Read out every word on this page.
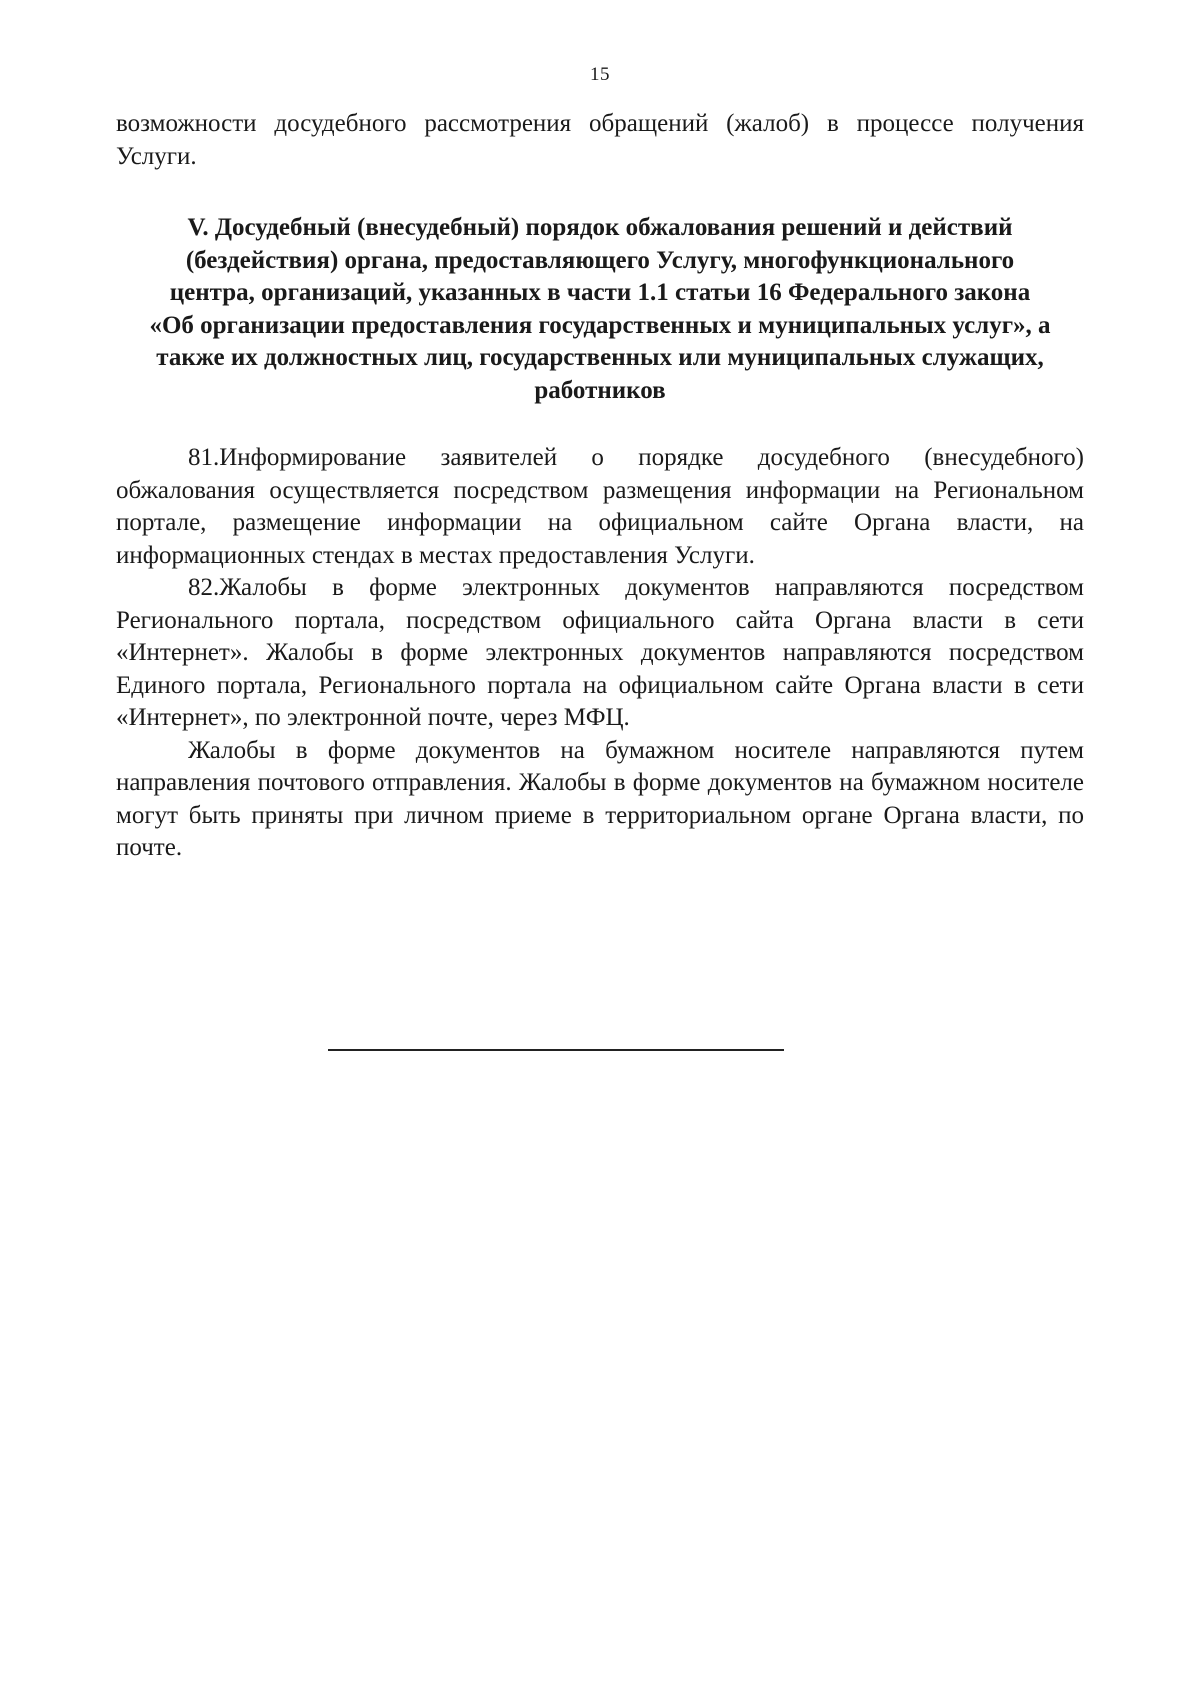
15

возможности досудебного рассмотрения обращений (жалоб) в процессе получения Услуги.

V. Досудебный (внесудебный) порядок обжалования решений и действий
(бездействия) органа, предоставляющего Услугу, многофункционального
центра, организаций, указанных в части 1.1 статьи 16 Федерального закона
«Об организации предоставления государственных и муниципальных услуг», а
также их должностных лиц, государственных или муниципальных служащих,
работников

81.Информирование заявителей о порядке досудебного (внесудебного) обжалования осуществляется посредством размещения информации на Региональном портале, размещение информации на официальном сайте Органа власти, на информационных стендах в местах предоставления Услуги.

82.Жалобы в форме электронных документов направляются посредством Регионального портала, посредством официального сайта Органа власти в сети «Интернет». Жалобы в форме электронных документов направляются посредством Единого портала, Регионального портала на официальном сайте Органа власти в сети «Интернет», по электронной почте, через МФЦ.

Жалобы в форме документов на бумажном носителе направляются путем направления почтового отправления. Жалобы в форме документов на бумажном носителе могут быть приняты при личном приеме в территориальном органе Органа власти, по почте.
